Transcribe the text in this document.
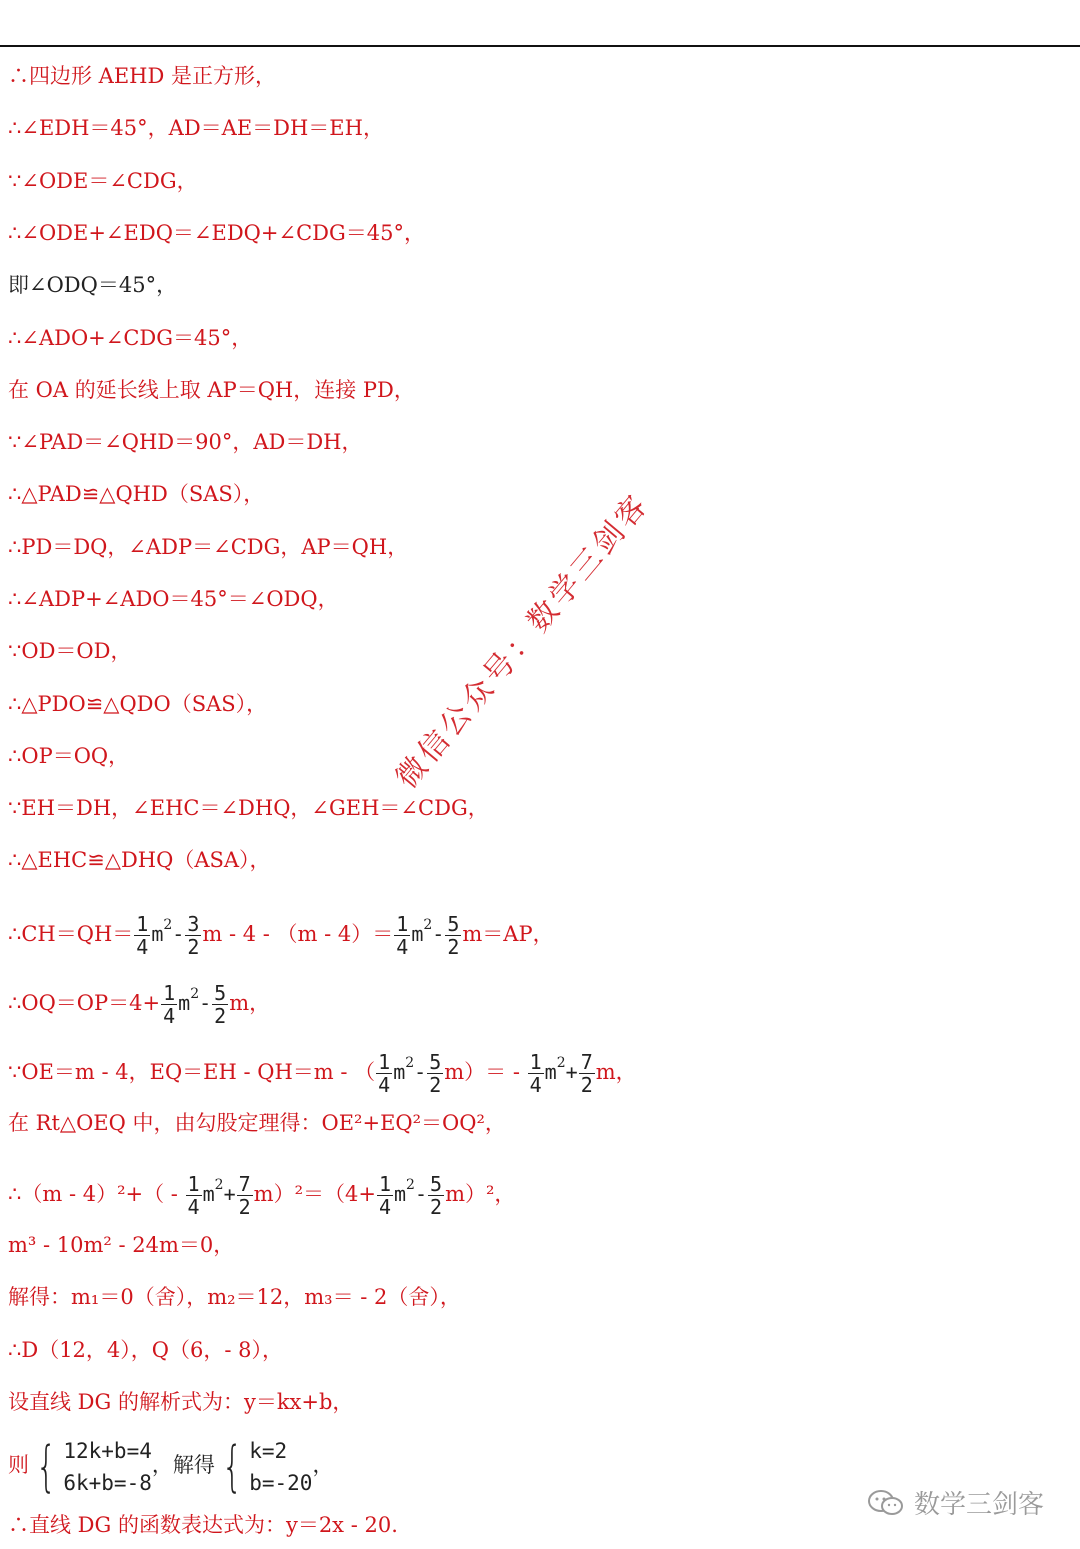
∴四边形 AEHD 是正方形，
∴∠EDH＝45°，AD＝AE＝DH＝EH，
∵∠ODE＝∠CDG，
∴∠ODE+∠EDQ＝∠EDQ+∠CDG＝45°，
即∠ODQ＝45°，
∴∠ADO+∠CDG＝45°，
在 OA 的延长线上取 AP＝QH，连接 PD，
∵∠PAD＝∠QHD＝90°，AD＝DH，
∴△PAD≌△QHD（SAS），
∴PD＝DQ，∠ADP＝∠CDG，AP＝QH，
∴∠ADP+∠ADO＝45°＝∠ODQ，
∵OD＝OD，
∴△PDO≌△QDO（SAS），
∴OP＝OQ，
∵EH＝DH，∠EHC＝∠DHQ，∠GEH＝∠CDG，
∴△EHC≌△DHQ（ASA），
∴CH＝QH＝ $\frac{1}{4} m^2- \frac{3}{2}$ $m - 4 - (m - 4)= \frac{1}{4} m^2- \frac{5}{2} m=AP$，
∴OQ＝OP＝4+ $\frac{1}{4} m^2- \frac{5}{2}$ m，
∵OE＝m - 4，EQ＝EH - QH＝m - （ $\frac{1}{4} m^2- \frac{5}{2} m)= - \frac{1}{4} m^2+ \frac{7}{2}$ m，
在 Rt△OEQ 中，由勾股定理得：OE²+EQ²＝OQ²，
∴（m - $4)^2+( - \frac{1}{4} m^2+ \frac{7}{2} m)^2=(4+ \frac{1}{4} m^2- \frac{5}{2} m)^2$，
m³ - 10m² - 24m＝0，
解得：m₁＝0（舍），m₂＝12，m₃＝ - 2（舍），
∴D（12，4），Q（6，- 8），
设直线 DG 的解析式为：y＝kx+b，
则 { 12k+b=4
6k+b=-8
，解得 { k=2
b=-20
，
∴直线 DG 的函数表达式为：y＝2x - 20.
微信公众号：数学三剑客
数学三剑客
